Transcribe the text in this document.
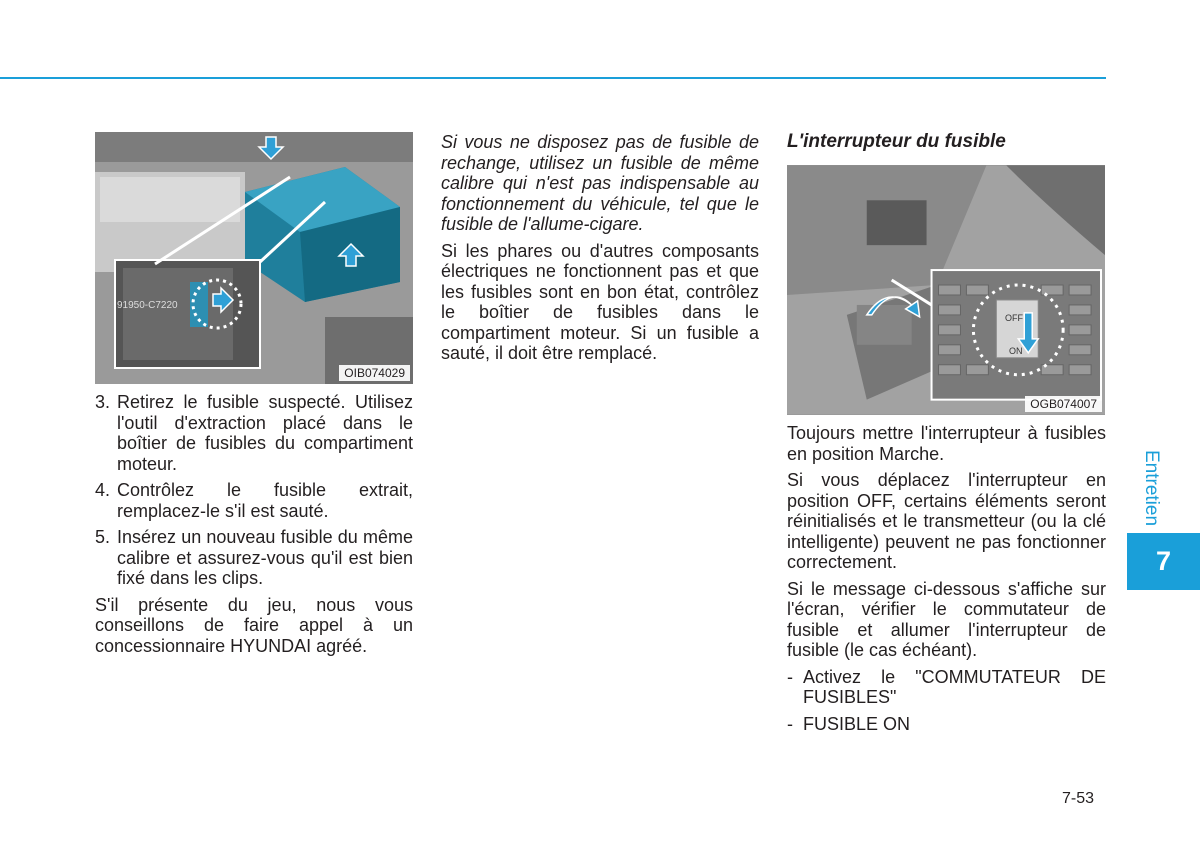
91950-C7220
OIB074029
3. Retirez le fusible suspecté. Utilisez l'outil d'extraction placé dans le boîtier de fusibles du compartiment moteur.
4. Contrôlez le fusible extrait, remplacez-le s'il est sauté.
5. Insérez un nouveau fusible du même calibre et assurez-vous qu'il est bien fixé dans les clips.

S'il présente du jeu, nous vous conseillons de faire appel à un concessionnaire HYUNDAI agréé.

Si vous ne disposez pas de fusible de rechange, utilisez un fusible de même calibre qui n'est pas indispensable au fonctionnement du véhicule, tel que le fusible de l'allume-cigare.

Si les phares ou d'autres composants électriques ne fonctionnent pas et que les fusibles sont en bon état, contrôlez le boîtier de fusibles dans le compartiment moteur. Si un fusible a sauté, il doit être remplacé.

L'interrupteur du fusible
OFF
ON
OGB074007

Toujours mettre l'interrupteur à fusibles en position Marche.

Si vous déplacez l'interrupteur en position OFF, certains éléments seront réinitialisés et le transmetteur (ou la clé intelligente) peuvent ne pas fonctionner correctement.

Si le message ci-dessous s'affiche sur l'écran, vérifier le commutateur de fusible et allumer l'interrupteur de fusible (le cas échéant).

- Activez le "COMMUTATEUR DE FUSIBLES"
- FUSIBLE ON
Entretien
7
7-53
